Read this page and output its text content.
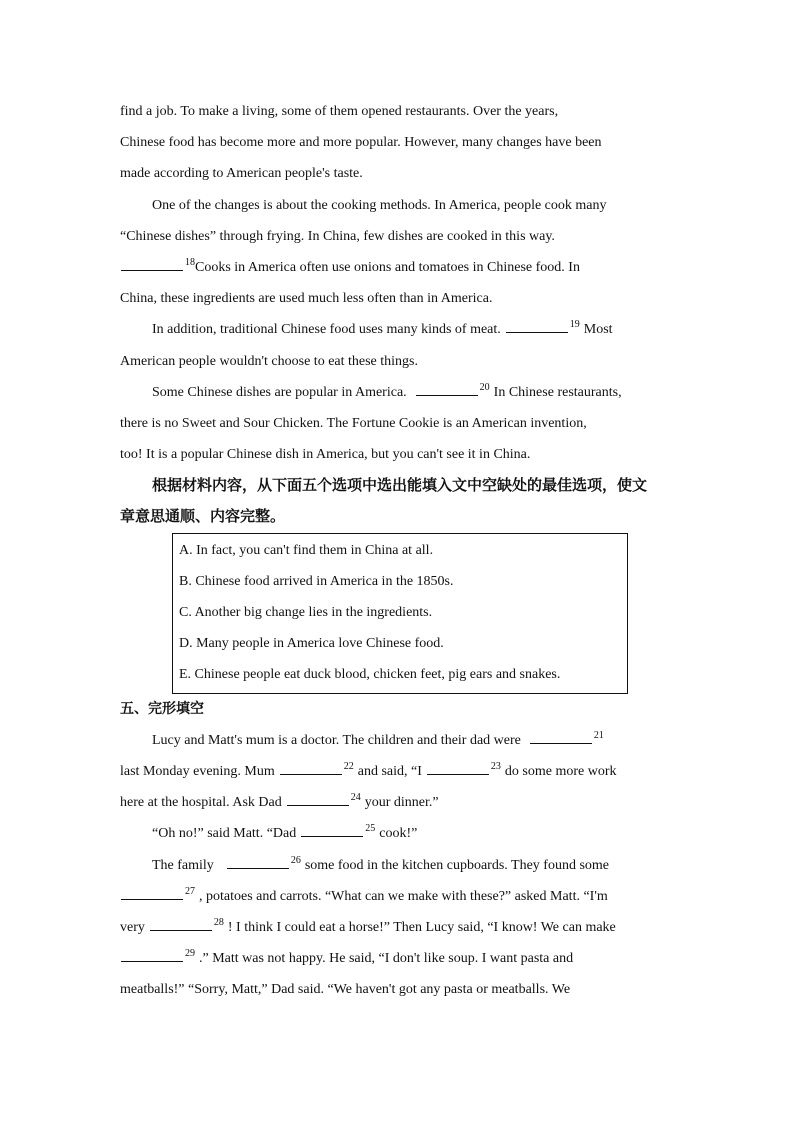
find a job. To make a living, some of them opened restaurants. Over the years,
Chinese food has become more and more popular. However, many changes have been
made according to American people's taste.
One of the changes is about the cooking methods. In America, people cook many
“Chinese dishes” through frying. In China, few dishes are cooked in this way.
$^{18}$ Cooks in America often use onions and tomatoes in Chinese food. In
China, these ingredients are used much less often than in America.
In addition, traditional Chinese food uses many kinds of meat.	$^{19}$ Most
American people wouldn't choose to eat these things.
Some Chinese dishes are popular in America.	$^{20}$ In Chinese restaurants,
there is no Sweet and Sour Chicken. The Fortune Cookie is an American invention,
too! It is a popular Chinese dish in America, but you can't see it in China.
根据材料内容，从下面五个选项中选出能填入文中空缺处的最佳选项，使文
章意思通顺、内容完整。
A. In fact, you can't find them in China at all.
B. Chinese food arrived in America in the 1850s.
C. Another big change lies in the ingredients.
D. Many people in America love Chinese food.
E. Chinese people eat duck blood, chicken feet, pig ears and snakes.
五、完形填空
Lucy and Matt's mum is a doctor. The children and their dad were	$^{21}$
last Monday evening. Mum	$^{22}$ and said, “I	$^{23}$ do some more work
here at the hospital. Ask Dad	$^{24}$ your dinner.”
“Oh no!” said Matt. “Dad	$^{25}$ cook!”
The family	$^{26}$ some food in the kitchen cupboards. They found some
$^{27}$ , potatoes and carrots. “What can we make with these?” asked Matt. “I'm
very	$^{28}$ ! I think I could eat a horse!” Then Lucy said, “I know! We can make
$^{29}$ .” Matt was not happy. He said, “I don't like soup. I want pasta and
meatballs!” “Sorry, Matt,” Dad said. “We haven't got any pasta or meatballs. We
